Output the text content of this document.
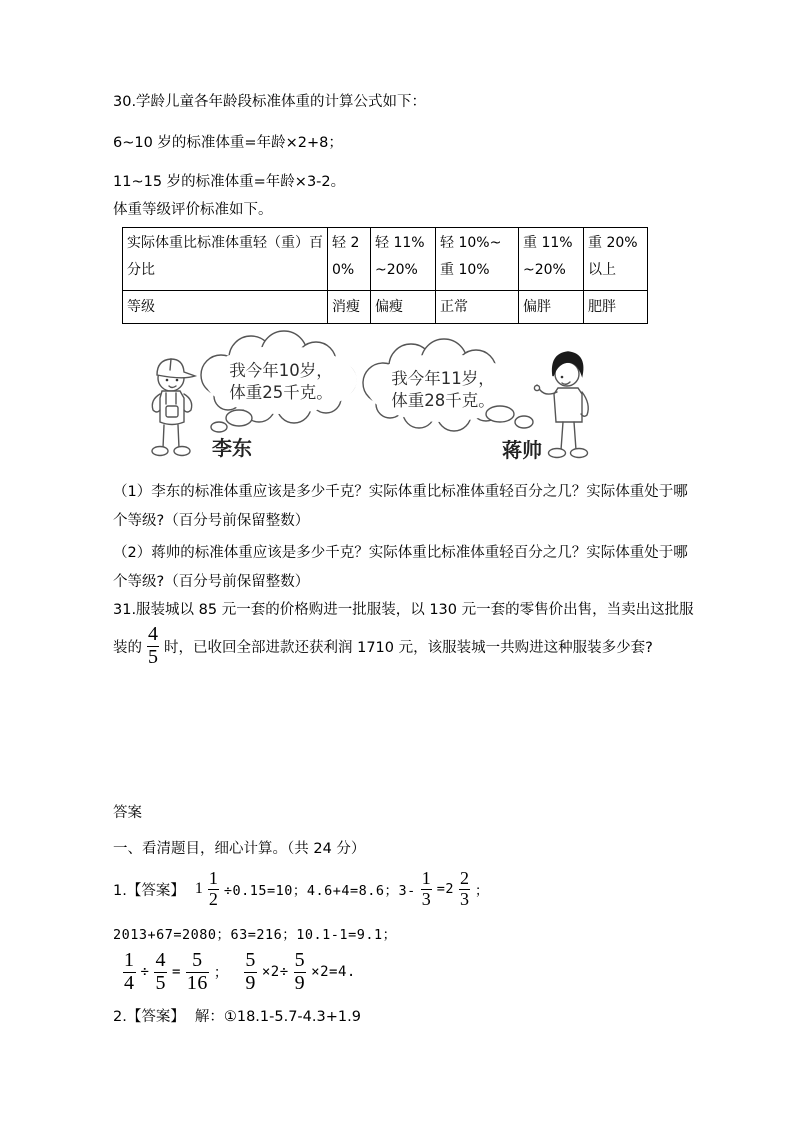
30.学龄儿童各年龄段标准体重的计算公式如下：
6~10 岁的标准体重=年龄×2+8；
11~15 岁的标准体重=年龄×3-2。
体重等级评价标准如下。
实际体重比标准体重轻（重）百分比	轻 20%	轻 11%~20%	轻 10%~重 10%	重 11%~20%	重 20%以上
等级	消瘦	偏瘦	正常	偏胖	肥胖
我今年10岁，
体重25千克。
我今年11岁，
体重28千克。
李东	蒋帅
（1）李东的标准体重应该是多少千克？实际体重比标准体重轻百分之几？实际体重处于哪个等级?（百分号前保留整数）
（2）蒋帅的标准体重应该是多少千克？实际体重比标准体重轻百分之几？实际体重处于哪个等级?（百分号前保留整数）
31.服装城以 85 元一套的价格购进一批服装，以 130 元一套的零售价出售，当卖出这批服
装的 $\frac{4}{5}$ 时，已收回全部进款还获利润 1710 元，该服装城一共购进这种服装多少套?
答案
一、看清题目，细心计算。（共 24 分）
1.【答案】 $1 \frac{1}{2} \div 0.15=10$；4.6+4=8.6；$3- \frac{1}{3} =2 \frac{2}{3}$ ；
2013+67=2080；63=216；10.1-1=9.1；
$\frac{1}{4} \div \frac{4}{5} = \frac{5}{16}$ ； $\frac{5}{9} \times 2\div \frac{5}{9} \times 2=4$.
2.【答案】 解：①18.1-5.7-4.3+1.9
